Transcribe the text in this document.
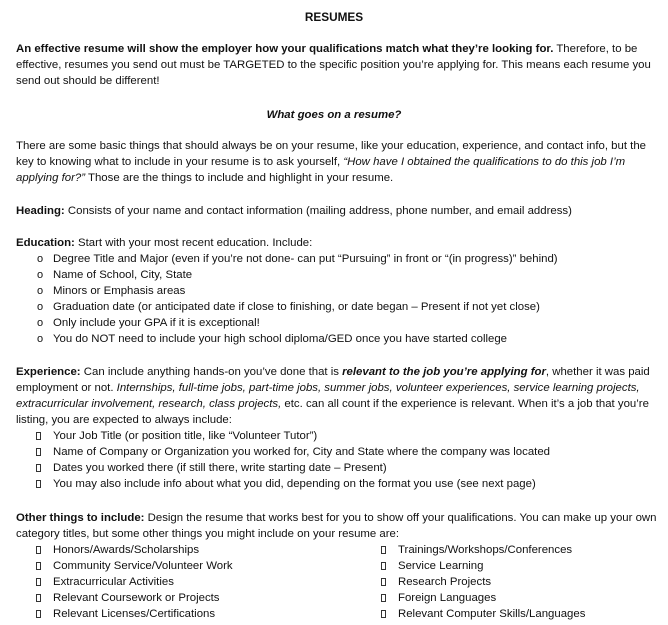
RESUMES

An effective resume will show the employer how your qualifications match what they’re looking for. Therefore, to be effective, resumes you send out must be TARGETED to the specific position you’re applying for. This means each resume you send out should be different!

What goes on a resume?

There are some basic things that should always be on your resume, like your education, experience, and contact info, but the key to knowing what to include in your resume is to ask yourself, “How have I obtained the qualifications to do this job I’m applying for?” Those are the things to include and highlight in your resume.

Heading: Consists of your name and contact information (mailing address, phone number, and email address)

Education: Start with your most recent education. Include:

o Degree Title and Major (even if you’re not done- can put “Pursuing” in front or “(in progress)” behind)
o Name of School, City, State
o Minors or Emphasis areas
o Graduation date (or anticipated date if close to finishing, or date began – Present if not yet close)
o Only include your GPA if it is exceptional!
o You do NOT need to include your high school diploma/GED once you have started college

Experience: Can include anything hands-on you’ve done that is relevant to the job you’re applying for, whether it was paid employment or not. Internships, full-time jobs, part-time jobs, summer jobs, volunteer experiences, service learning projects, extracurricular involvement, research, class projects, etc. can all count if the experience is relevant. When it’s a job that you’re listing, you are expected to always include:

Your Job Title (or position title, like “Volunteer Tutor”)
Name of Company or Organization you worked for, City and State where the company was located
Dates you worked there (if still there, write starting date – Present)
You may also include info about what you did, depending on the format you use (see next page)

Other things to include: Design the resume that works best for you to show off your qualifications. You can make up your own category titles, but some other things you might include on your resume are:

Honors/Awards/Scholarships
Community Service/Volunteer Work
Extracurricular Activities
Relevant Coursework or Projects
Relevant Licenses/Certifications
Trainings/Workshops/Conferences
Service Learning
Research Projects
Foreign Languages
Relevant Computer Skills/Languages
